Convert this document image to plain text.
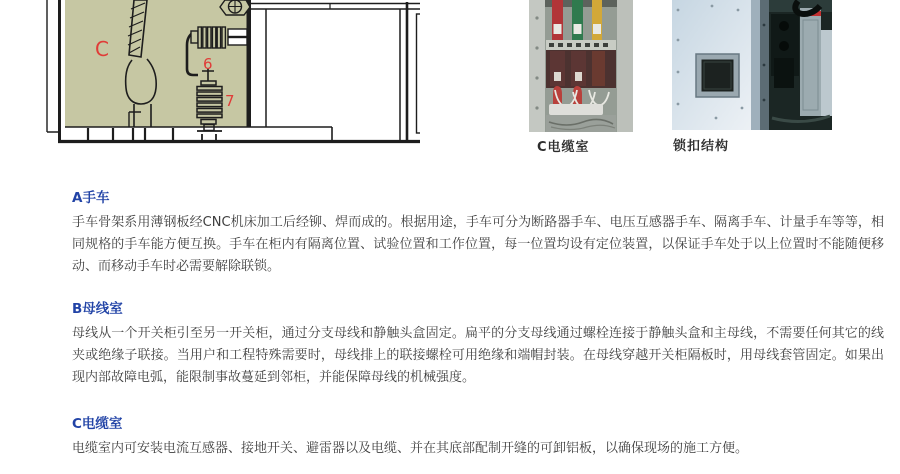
C
6
7
C电缆室	锁扣结构
A手车

手车骨架系用薄钢板经CNC机床加工后经铆、焊而成的。根据用途，手车可分为断路器手车、电压互感器手车、隔离手车、计量手车等等，相同规格的手车能方便互换。手车在柜内有隔离位置、试验位置和工作位置，每一位置均设有定位装置，以保证手车处于以上位置时不能随便移动、而移动手车时必需要解除联锁。

B母线室

母线从一个开关柜引至另一开关柜，通过分支母线和静触头盒固定。扁平的分支母线通过螺栓连接于静触头盒和主母线，不需要任何其它的线夹或绝缘子联接。当用户和工程特殊需要时，母线排上的联接螺栓可用绝缘和端帽封装。在母线穿越开关柜隔板时，用母线套管固定。如果出现内部故障电弧，能限制事故蔓延到邻柜，并能保障母线的机械强度。

C电缆室

电缆室内可安装电流互感器、接地开关、避雷器以及电缆、并在其底部配制开缝的可卸铝板，以确保现场的施工方便。
